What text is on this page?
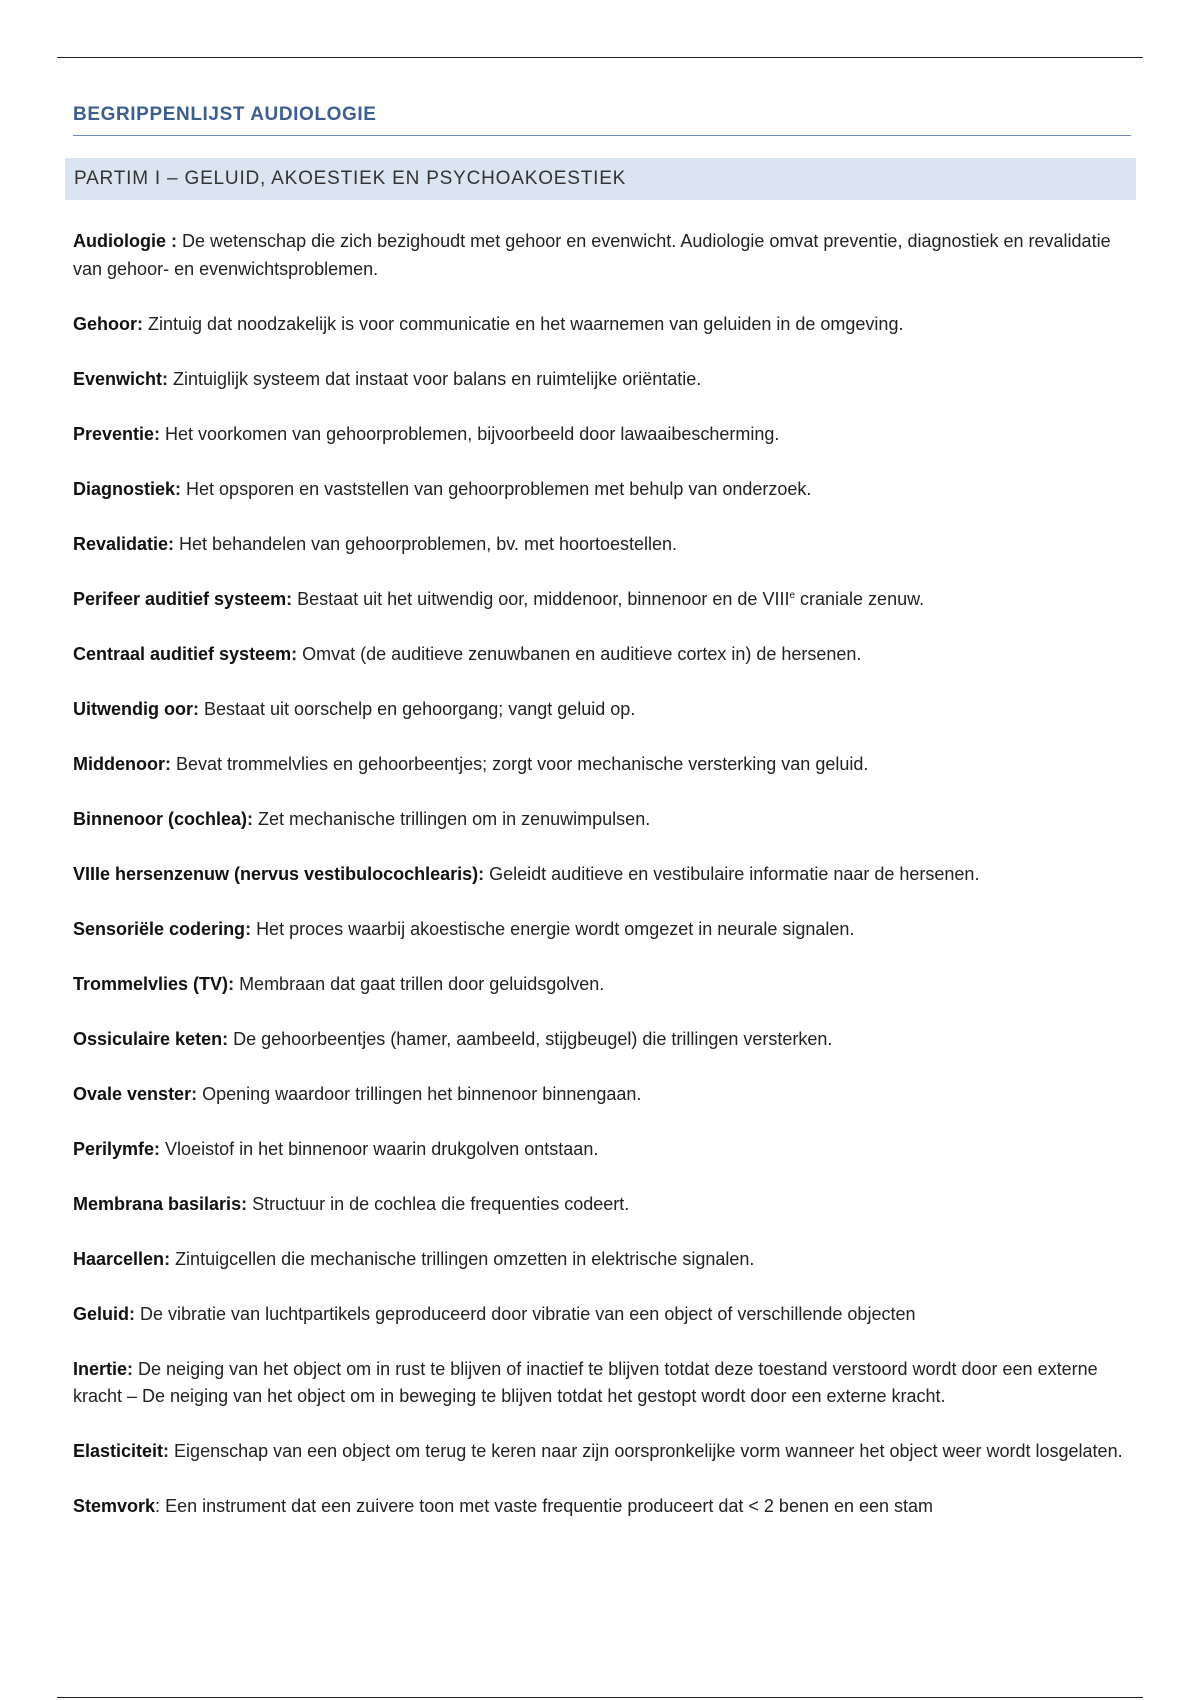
BEGRIPPENLIJST AUDIOLOGIE
PARTIM I – GELUID, AKOESTIEK EN PSYCHOAKOESTIEK

Audiologie : De wetenschap die zich bezighoudt met gehoor en evenwicht. Audiologie omvat preventie, diagnostiek en revalidatie van gehoor- en evenwichtsproblemen.

Gehoor: Zintuig dat noodzakelijk is voor communicatie en het waarnemen van geluiden in de omgeving.

Evenwicht: Zintuiglijk systeem dat instaat voor balans en ruimtelijke oriëntatie.

Preventie: Het voorkomen van gehoorproblemen, bijvoorbeeld door lawaaibescherming.

Diagnostiek: Het opsporen en vaststellen van gehoorproblemen met behulp van onderzoek.

Revalidatie: Het behandelen van gehoorproblemen, bv. met hoortoestellen.

Perifeer auditief systeem: Bestaat uit het uitwendig oor, middenoor, binnenoor en de VIIIe craniale zenuw.

Centraal auditief systeem: Omvat (de auditieve zenuwbanen en auditieve cortex in) de hersenen.

Uitwendig oor: Bestaat uit oorschelp en gehoorgang; vangt geluid op.

Middenoor: Bevat trommelvlies en gehoorbeentjes; zorgt voor mechanische versterking van geluid.

Binnenoor (cochlea): Zet mechanische trillingen om in zenuwimpulsen.

VIIIe hersenzenuw (nervus vestibulocochlearis): Geleidt auditieve en vestibulaire informatie naar de hersenen.

Sensoriële codering: Het proces waarbij akoestische energie wordt omgezet in neurale signalen.

Trommelvlies (TV): Membraan dat gaat trillen door geluidsgolven.

Ossiculaire keten: De gehoorbeentjes (hamer, aambeeld, stijgbeugel) die trillingen versterken.

Ovale venster: Opening waardoor trillingen het binnenoor binnengaan.

Perilymfe: Vloeistof in het binnenoor waarin drukgolven ontstaan.

Membrana basilaris: Structuur in de cochlea die frequenties codeert.

Haarcellen: Zintuigcellen die mechanische trillingen omzetten in elektrische signalen.

Geluid: De vibratie van luchtpartikels geproduceerd door vibratie van een object of verschillende objecten

Inertie: De neiging van het object om in rust te blijven of inactief te blijven totdat deze toestand verstoord wordt door een externe kracht – De neiging van het object om in beweging te blijven totdat het gestopt wordt door een externe kracht.

Elasticiteit: Eigenschap van een object om terug te keren naar zijn oorspronkelijke vorm wanneer het object weer wordt losgelaten.

Stemvork: Een instrument dat een zuivere toon met vaste frequentie produceert dat < 2 benen en een stam
